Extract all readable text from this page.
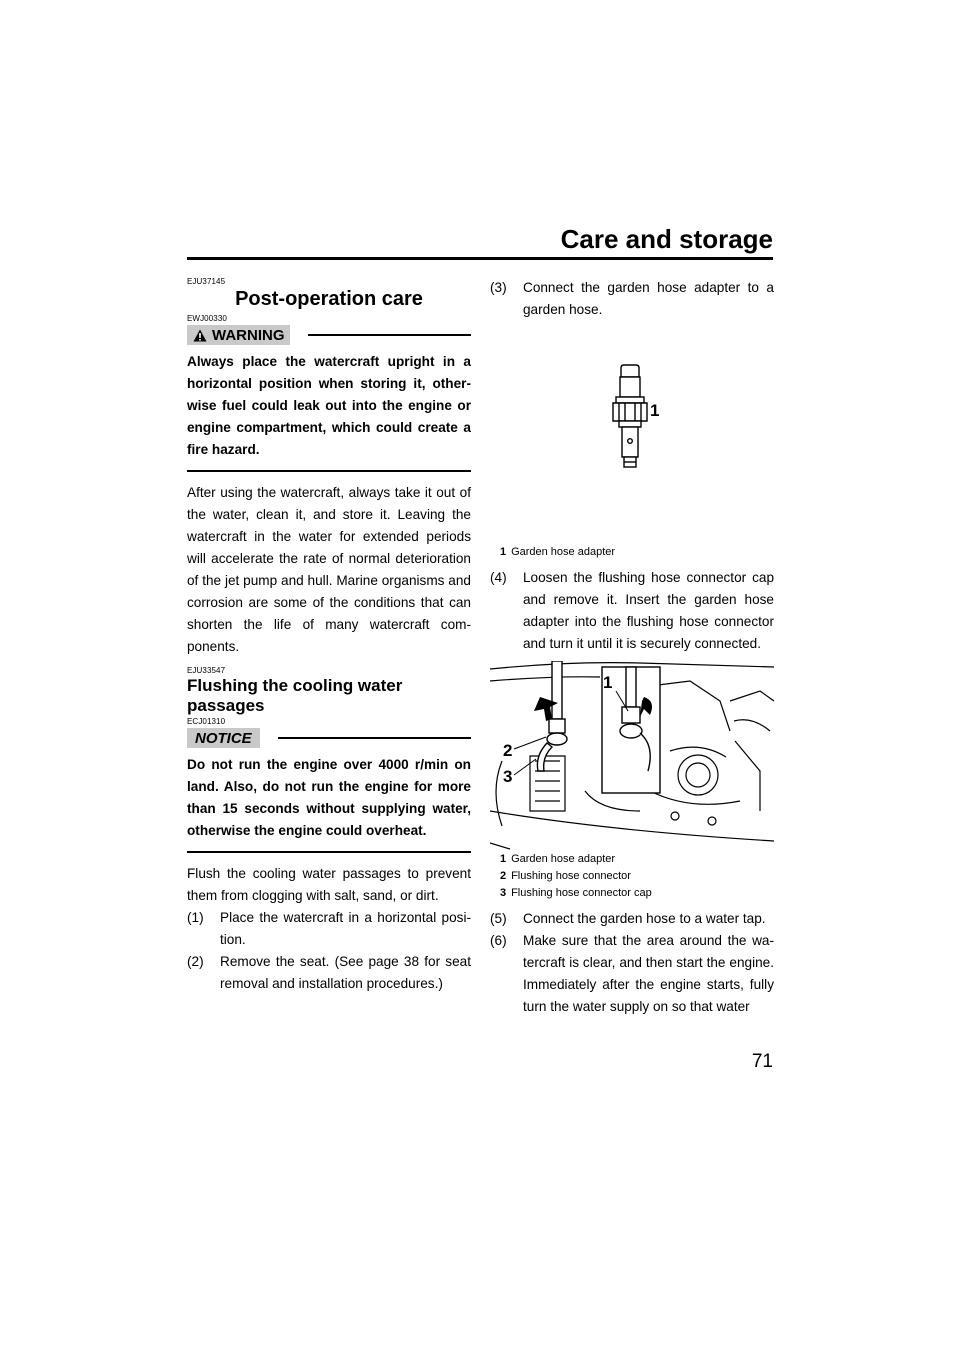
Care and storage
EJU37145
Post-operation care
EWJ00330
WARNING

Always place the watercraft upright in a horizontal position when storing it, other-wise fuel could leak out into the engine or engine compartment, which could create a fire hazard.

After using the watercraft, always take it out of the water, clean it, and store it. Leaving the watercraft in the water for extended periods will accelerate the rate of normal deterioration of the jet pump and hull. Marine organisms and corrosion are some of the conditions that can shorten the life of many watercraft com-ponents.

EJU33547
Flushing the cooling water passages
ECJ01310
NOTICE

Do not run the engine over 4000 r/min on land. Also, do not run the engine for more than 15 seconds without supplying water, otherwise the engine could overheat.

Flush the cooling water passages to prevent them from clogging with salt, sand, or dirt.

(1) Place the watercraft in a horizontal posi-tion.
(2) Remove the seat. (See page 38 for seat removal and installation procedures.)
(3) Connect the garden hose adapter to a garden hose.
1
1 Garden hose adapter
(4) Loosen the flushing hose connector cap and remove it. Insert the garden hose adapter into the flushing hose connector and turn it until it is securely connected.
1
2
3
1 Garden hose adapter
2 Flushing hose connector
3 Flushing hose connector cap
(5) Connect the garden hose to a water tap.
(6) Make sure that the area around the wa-tercraft is clear, and then start the engine. Immediately after the engine starts, fully turn the water supply on so that water
71
